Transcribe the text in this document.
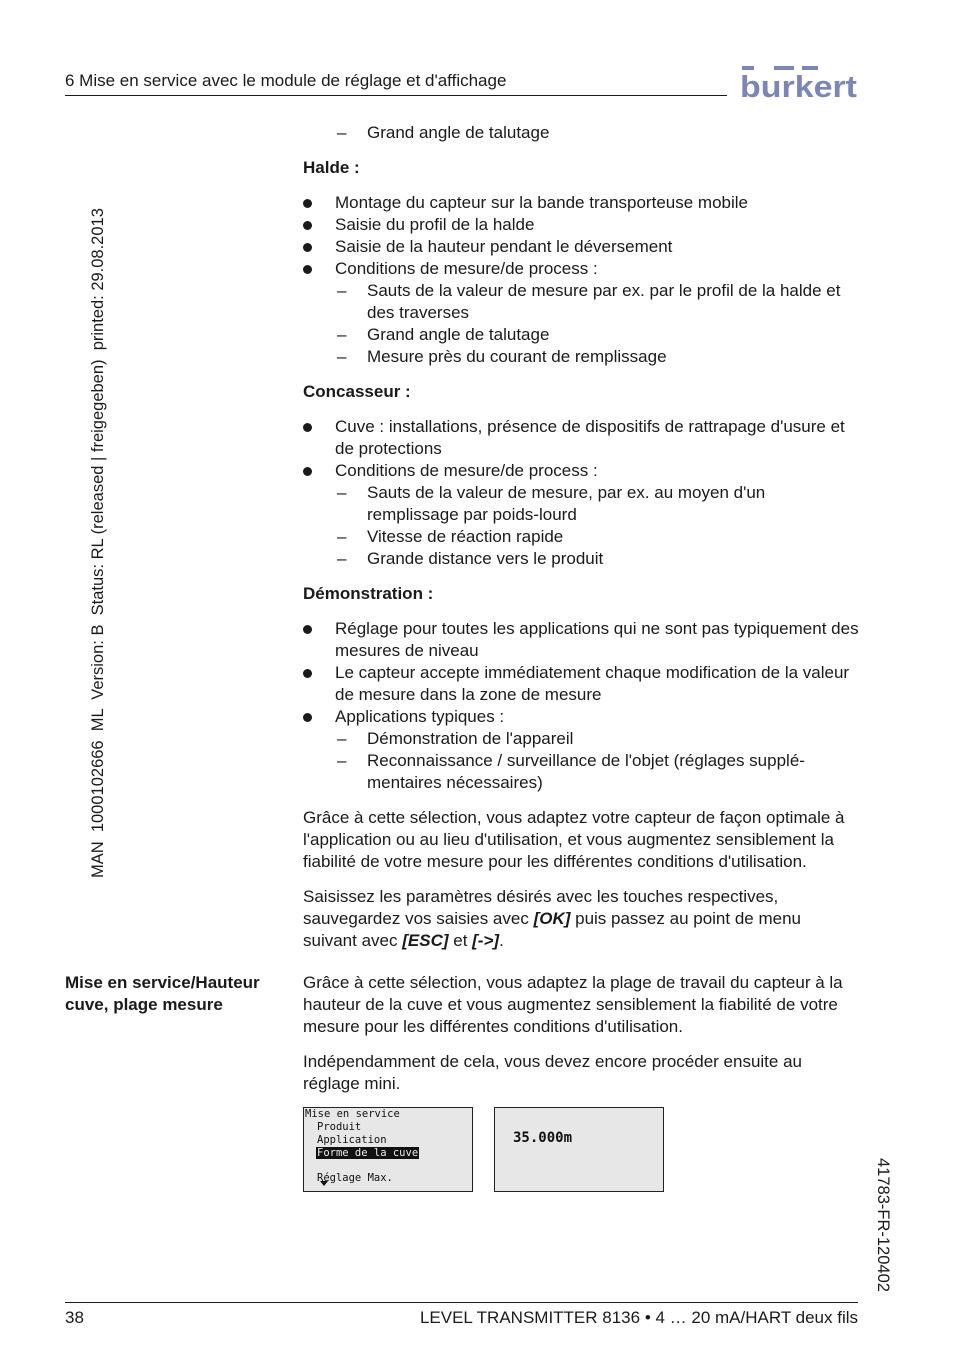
6 Mise en service avec le module de réglage et d'affichage	burkert
MAN  1000102666  ML  Version: B  Status: RL (released | freigegeben)  printed: 29.08.2013
41783-FR-120402
– Grand angle de talutage
Halde :
Montage du capteur sur la bande transporteuse mobile
Saisie du profil de la halde
Saisie de la hauteur pendant le déversement
Conditions de mesure/de process :
– Sauts de la valeur de mesure par ex. par le profil de la halde et des traverses
– Grand angle de talutage
– Mesure près du courant de remplissage
Concasseur :
Cuve : installations, présence de dispositifs de rattrapage d'usure et de protections
Conditions de mesure/de process :
– Sauts de la valeur de mesure, par ex. au moyen d'un remplissage par poids-lourd
– Vitesse de réaction rapide
– Grande distance vers le produit
Démonstration :
Réglage pour toutes les applications qui ne sont pas typiquement des mesures de niveau
Le capteur accepte immédiatement chaque modification de la valeur de mesure dans la zone de mesure
Applications typiques :
– Démonstration de l'appareil
– Reconnaissance / surveillance de l'objet (réglages supplé-mentaires nécessaires)

Grâce à cette sélection, vous adaptez votre capteur de façon optimale à l'application ou au lieu d'utilisation, et vous augmentez sensiblement la fiabilité de votre mesure pour les différentes conditions d'utilisation.

Saisissez les paramètres désirés avec les touches respectives, sauvegardez vos saisies avec [OK] puis passez au point de menu suivant avec [ESC] et [->].

Mise en service/Hauteur cuve, plage mesure

Grâce à cette sélection, vous adaptez la plage de travail du capteur à la hauteur de la cuve et vous augmentez sensiblement la fiabilité de votre mesure pour les différentes conditions d'utilisation.

Indépendamment de cela, vous devez encore procéder ensuite au réglage mini.

Mise en service
Produit
Application
Forme de la cuve
Réglage Max.
35.000m
38	LEVEL TRANSMITTER 8136 • 4 … 20 mA/HART deux fils
